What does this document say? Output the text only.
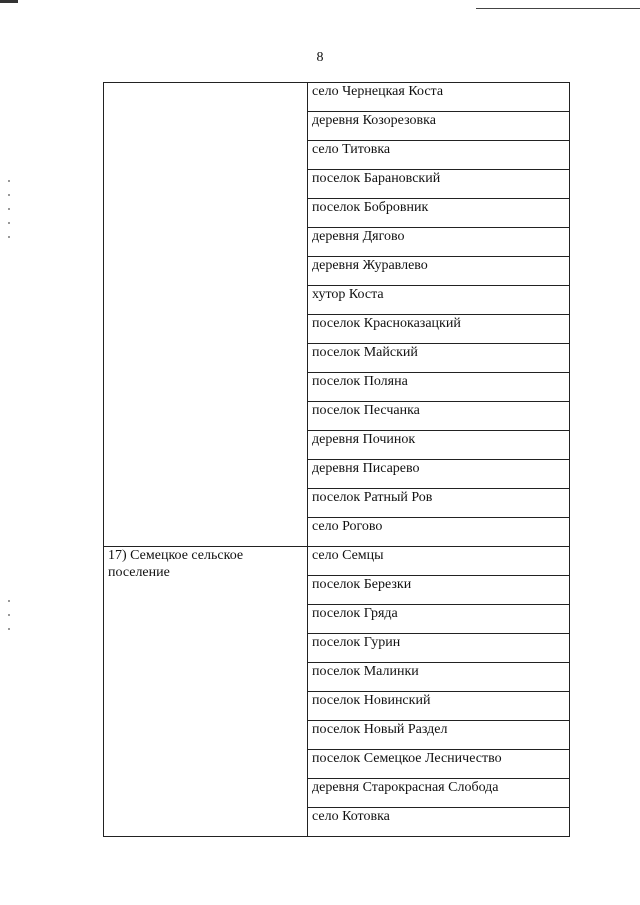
8
	село Чернецкая Коста
	деревня Козорезовка
	село Титовка
	поселок Барановский
	поселок Бобровник
	деревня Дягово
	деревня Журавлево
	хутор Коста
	поселок Краснoказацкий
	поселок Майский
	поселок Поляна
	поселок Песчанка
	деревня Починок
	деревня Писарево
	поселок Ратный Ров
	село Рогово
17) Семецкое сельское поселение	село Семцы
	поселок Березки
	поселок Гряда
	поселок Гурин
	поселок Малинки
	поселок Новинский
	поселок Новый Раздел
	поселок Семецкое Лесничество
	деревня Старокрасная Слобода
	село Котовка
